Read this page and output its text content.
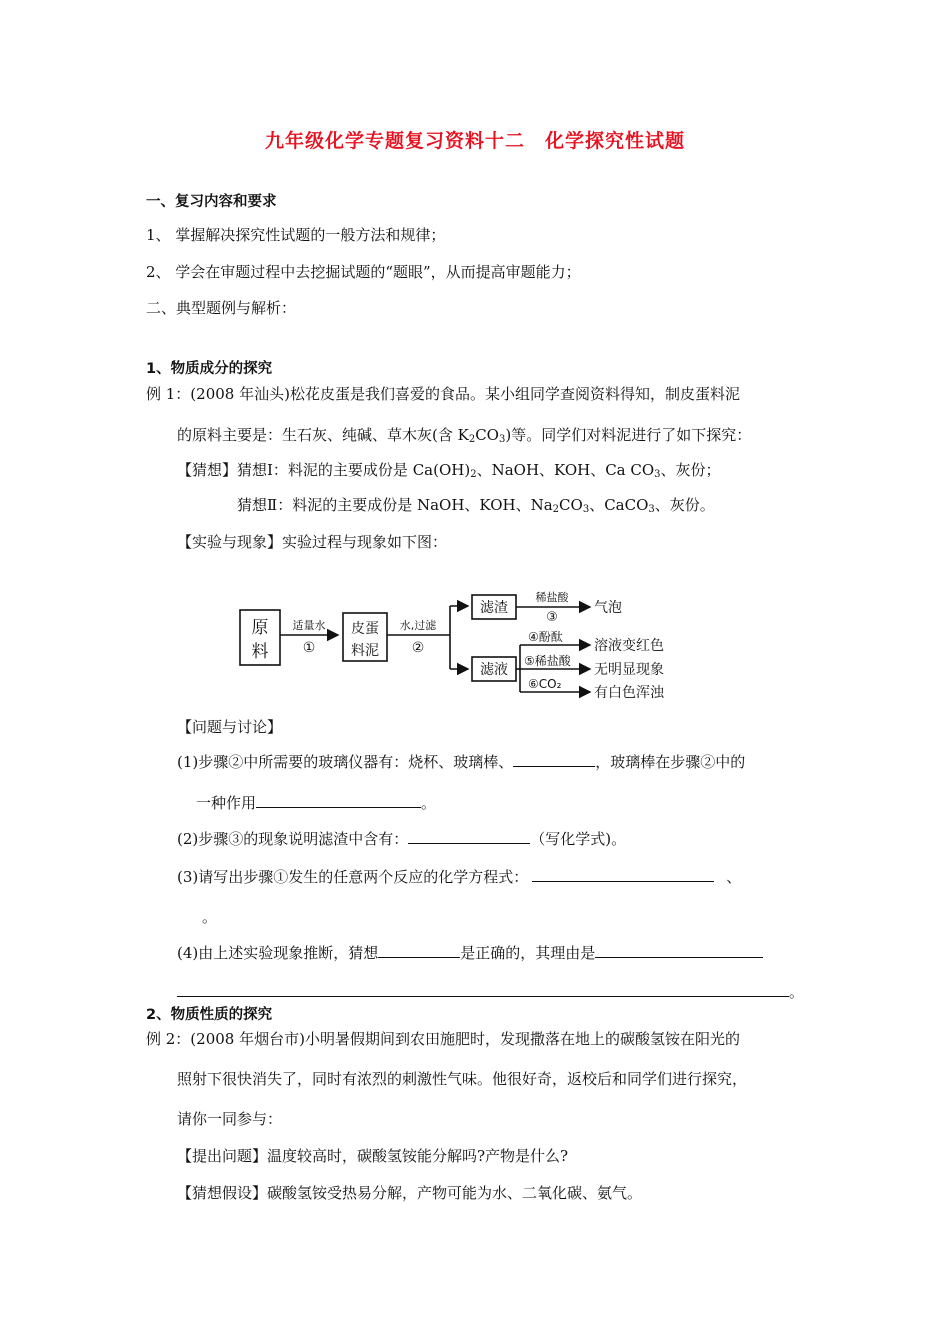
九年级化学专题复习资料十二　化学探究性试题
一、复习内容和要求
1、 掌握解决探究性试题的一般方法和规律；
2、 学会在审题过程中去挖掘试题的“题眼”，从而提高审题能力；
二、典型题例与解析：
1、物质成分的探究
例 1：(2008 年汕头)松花皮蛋是我们喜爱的食品。某小组同学查阅资料得知，制皮蛋料泥
的原料主要是：生石灰、纯碱、草木灰(含 $K_2CO_3$)等。同学们对料泥进行了如下探究：
【猜想】猜想Ⅰ：料泥的主要成份是 $Ca(OH)_2$、NaOH、KOH、Ca $CO_3$、灰份；
猜想Ⅱ：料泥的主要成份是 NaOH、KOH、$Na_2CO_3$、CaCO$_3$、灰份。
【实验与现象】实验过程与现象如下图：
原
料
适量水
①
皮蛋
料泥
水,过滤
②
滤渣
稀盐酸
③
气泡
滤液
④酚酞
溶液变红色
⑤稀盐酸
无明显现象
⑥CO₂
有白色浑浊
【问题与讨论】
(1)步骤②中所需要的玻璃仪器有：烧杯、玻璃棒、	，玻璃棒在步骤②中的
一种作用	。
(2)步骤③的现象说明滤渣中含有：	（写化学式)。
(3)请写出步骤①发生的任意两个反应的化学方程式：	、
。
(4)由上述实验现象推断，猜想	是正确的，其理由是
。
2、物质性质的探究
例 2：(2008 年烟台市)小明暑假期间到农田施肥时，发现撒落在地上的碳酸氢铵在阳光的
照射下很快消失了，同时有浓烈的刺激性气味。他很好奇，返校后和同学们进行探究，
请你一同参与：
【提出问题】温度较高时，碳酸氢铵能分解吗?产物是什么?
【猜想假设】碳酸氢铵受热易分解，产物可能为水、二氧化碳、氨气。
